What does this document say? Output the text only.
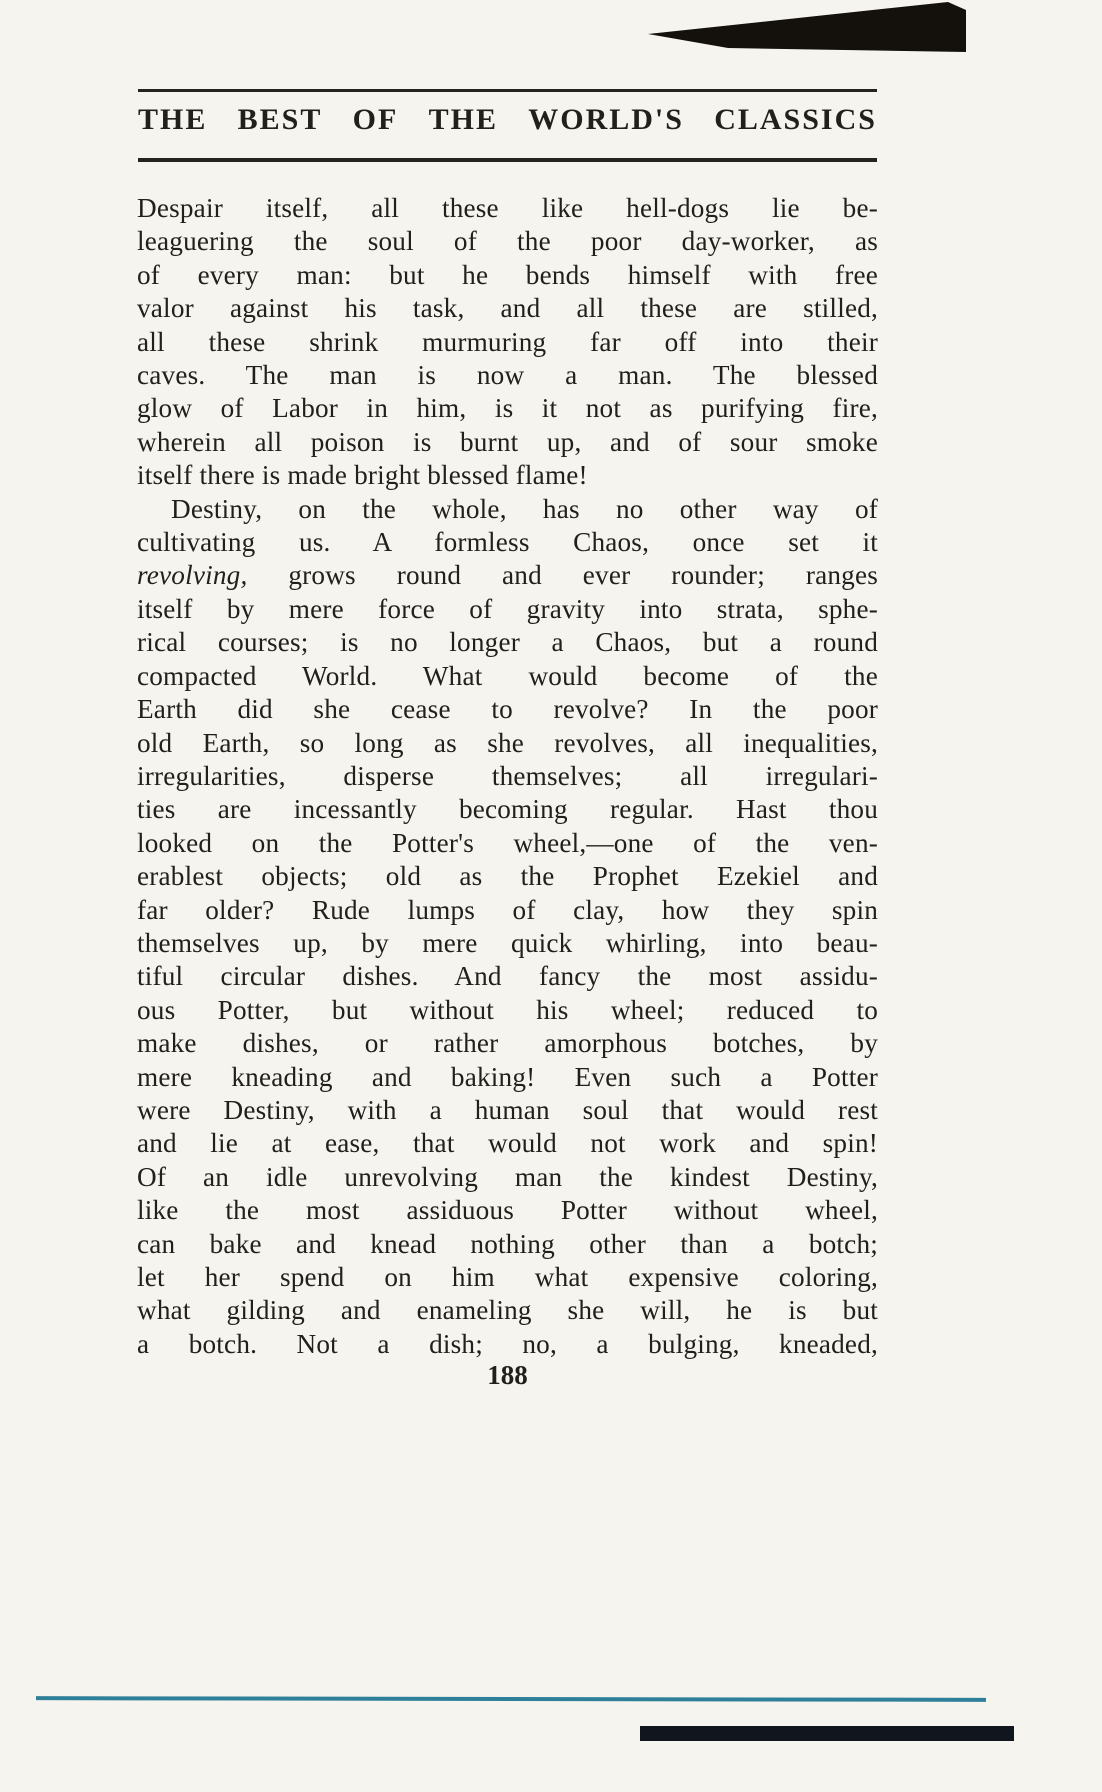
THE BEST OF THE WORLD'S CLASSICS
Despair itself, all these like hell-dogs lie be-
leaguering the soul of the poor day-worker, as
of every man: but he bends himself with free
valor against his task, and all these are stilled,
all these shrink murmuring far off into their
caves. The man is now a man. The blessed
glow of Labor in him, is it not as purifying fire,
wherein all poison is burnt up, and of sour smoke
itself there is made bright blessed flame!
Destiny, on the whole, has no other way of
cultivating us. A formless Chaos, once set it
revolving, grows round and ever rounder; ranges
itself by mere force of gravity into strata, sphe-
rical courses; is no longer a Chaos, but a round
compacted World. What would become of the
Earth did she cease to revolve? In the poor
old Earth, so long as she revolves, all inequalities,
irregularities, disperse themselves; all irregulari-
ties are incessantly becoming regular. Hast thou
looked on the Potter's wheel,—one of the ven-
erablest objects; old as the Prophet Ezekiel and
far older? Rude lumps of clay, how they spin
themselves up, by mere quick whirling, into beau-
tiful circular dishes. And fancy the most assidu-
ous Potter, but without his wheel; reduced to
make dishes, or rather amorphous botches, by
mere kneading and baking! Even such a Potter
were Destiny, with a human soul that would rest
and lie at ease, that would not work and spin!
Of an idle unrevolving man the kindest Destiny,
like the most assiduous Potter without wheel,
can bake and knead nothing other than a botch;
let her spend on him what expensive coloring,
what gilding and enameling she will, he is but
a botch. Not a dish; no, a bulging, kneaded,
188
